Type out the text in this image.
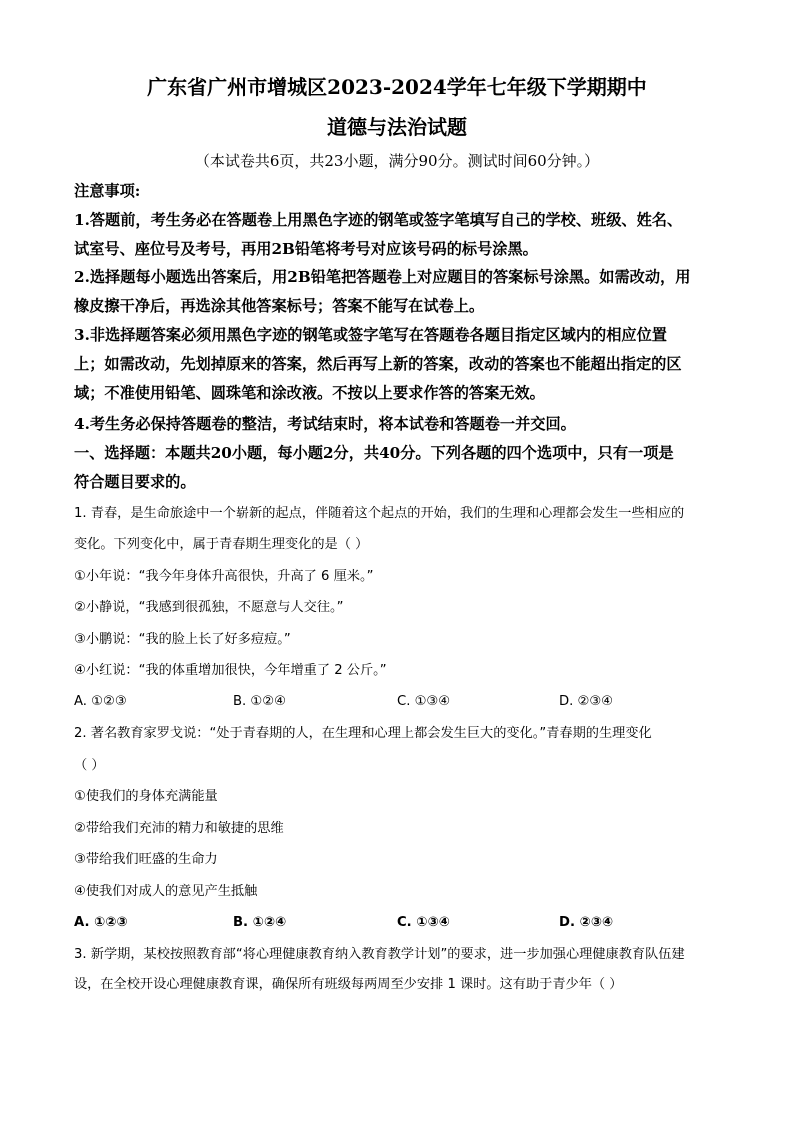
广东省广州市增城区2023-2024学年七年级下学期期中
道德与法治试题
（本试卷共6页，共23小题，满分90分。测试时间60分钟。）
注意事项:
1.答题前，考生务必在答题卷上用黑色字迹的钢笔或签字笔填写自己的学校、班级、姓名、
试室号、座位号及考号，再用2B铅笔将考号对应该号码的标号涂黑。
2.选择题每小题选出答案后，用2B铅笔把答题卷上对应题目的答案标号涂黑。如需改动，用
橡皮擦干净后，再选涂其他答案标号；答案不能写在试卷上。
3.非选择题答案必须用黑色字迹的钢笔或签字笔写在答题卷各题目指定区域内的相应位置
上；如需改动，先划掉原来的答案，然后再写上新的答案，改动的答案也不能超出指定的区
域；不准使用铅笔、圆珠笔和涂改液。不按以上要求作答的答案无效。
4.考生务必保持答题卷的整洁，考试结束时，将本试卷和答题卷一并交回。
一、选择题：本题共20小题，每小题2分，共40分。下列各题的四个选项中，只有一项是
符合题目要求的。
1. 青春，是生命旅途中一个崭新的起点，伴随着这个起点的开始，我们的生理和心理都会发生一些相应的
变化。下列变化中，属于青春期生理变化的是（ ）
①小年说：“我今年身体升高很快，升高了 6 厘米。”
②小静说，“我感到很孤独，不愿意与人交往。”
③小鹏说：“我的脸上长了好多痘痘。”
④小红说：“我的体重增加很快，今年增重了 2 公斤。”
A. ①②③	B. ①②④	C. ①③④	D. ②③④
2. 著名教育家罗戈说：“处于青春期的人，在生理和心理上都会发生巨大的变化。”青春期的生理变化
（ ）
①使我们的身体充满能量
②带给我们充沛的精力和敏捷的思维
③带给我们旺盛的生命力
④使我们对成人的意见产生抵触
A. ①②③	B. ①②④	C. ①③④	D. ②③④
3. 新学期，某校按照教育部“将心理健康教育纳入教育教学计划”的要求，进一步加强心理健康教育队伍建
设，在全校开设心理健康教育课，确保所有班级每两周至少安排 1 课时。这有助于青少年（ ）
